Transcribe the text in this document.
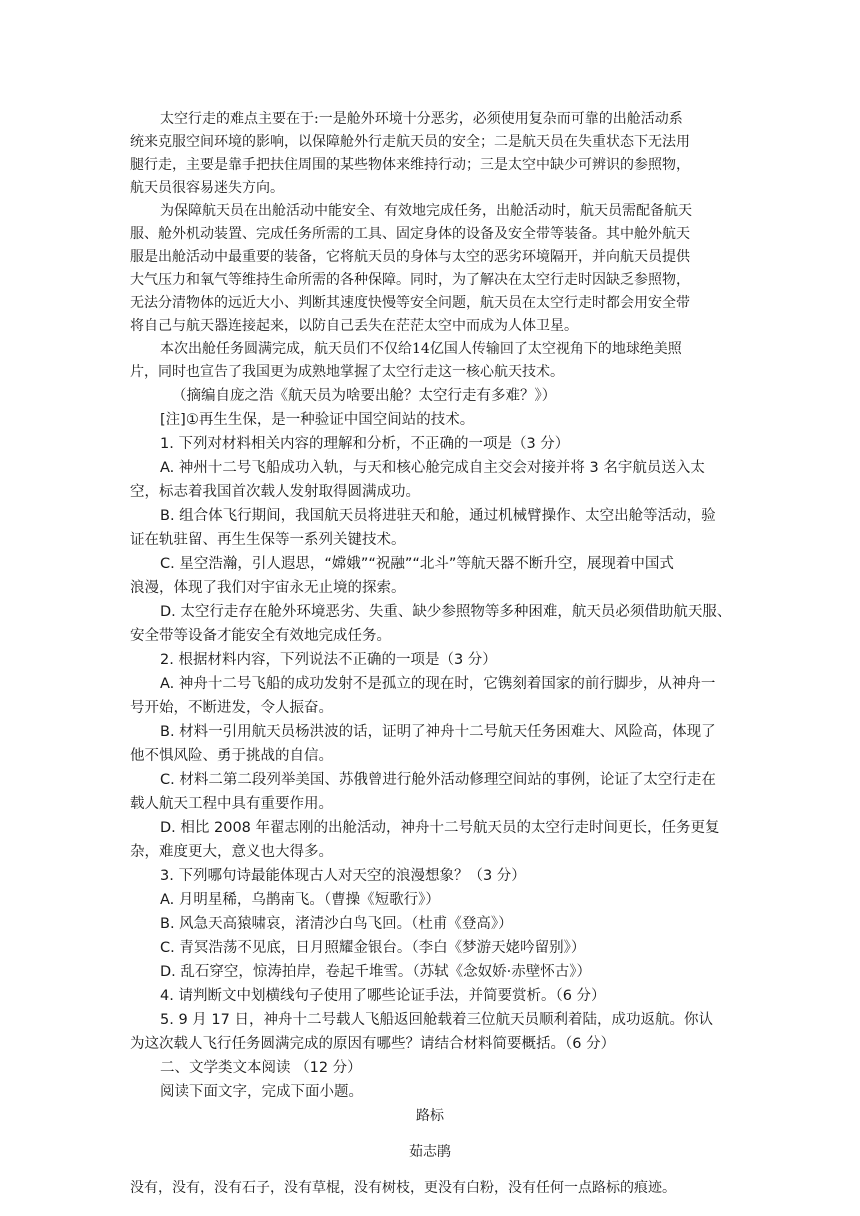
太空行走的难点主要在于:一是舱外环境十分恶劣，必须使用复杂而可靠的出舱活动系
统来克服空间环境的影响，以保障舱外行走航天员的安全；二是航天员在失重状态下无法用
腿行走，主要是靠手把扶住周围的某些物体来维持行动；三是太空中缺少可辨识的参照物，
航天员很容易迷失方向。
为保障航天员在出舱活动中能安全、有效地完成任务，出舱活动时，航天员需配备航天
服、舱外机动装置、完成任务所需的工具、固定身体的设备及安全带等装备。其中舱外航天
服是出舱活动中最重要的装备，它将航天员的身体与太空的恶劣环境隔开，并向航天员提供
大气压力和氧气等维持生命所需的各种保障。同时，为了解决在太空行走时因缺乏参照物，
无法分清物体的远近大小、判断其速度快慢等安全问题，航天员在太空行走时都会用安全带
将自己与航天器连接起来，以防自己丢失在茫茫太空中而成为人体卫星。
本次出舱任务圆满完成，航天员们不仅给14亿国人传输回了太空视角下的地球绝美照
片，同时也宣告了我国更为成熟地掌握了太空行走这一核心航天技术。
（摘编自庞之浩《航天员为啥要出舱？太空行走有多难？》）
[注]①再生生保，是一种验证中国空间站的技术。
1. 下列对材料相关内容的理解和分析，不正确的一项是（3 分）
A. 神州十二号飞船成功入轨，与天和核心舱完成自主交会对接并将 3 名宇航员送入太
空，标志着我国首次载人发射取得圆满成功。
B. 组合体飞行期间，我国航天员将进驻天和舱，通过机械臂操作、太空出舱等活动，验
证在轨驻留、再生生保等一系列关键技术。
C. 星空浩瀚，引人遐思，“嫦娥”“祝融”“北斗”等航天器不断升空，展现着中国式
浪漫，体现了我们对宇宙永无止境的探索。
D. 太空行走存在舱外环境恶劣、失重、缺少参照物等多种困难，航天员必须借助航天服、
安全带等设备才能安全有效地完成任务。
2. 根据材料内容，下列说法不正确的一项是（3 分）
A. 神舟十二号飞船的成功发射不是孤立的现在时，它镌刻着国家的前行脚步，从神舟一
号开始，不断进发，令人振奋。
B. 材料一引用航天员杨洪波的话，证明了神舟十二号航天任务困难大、风险高，体现了
他不惧风险、勇于挑战的自信。
C. 材料二第二段列举美国、苏俄曾进行舱外活动修理空间站的事例，论证了太空行走在
载人航天工程中具有重要作用。
D. 相比 2008 年翟志刚的出舱活动，神舟十二号航天员的太空行走时间更长，任务更复
杂，难度更大，意义也大得多。
3. 下列哪句诗最能体现古人对天空的浪漫想象？（3 分）
A. 月明星稀，乌鹊南飞。（曹操《短歌行》）
B. 风急天高猿啸哀，渚清沙白鸟飞回。（杜甫《登高》）
C. 青冥浩荡不见底，日月照耀金银台。（李白《梦游天姥吟留别》）
D. 乱石穿空，惊涛拍岸，卷起千堆雪。（苏轼《念奴娇·赤壁怀古》）
4. 请判断文中划横线句子使用了哪些论证手法，并简要赏析。（6 分）
5. 9 月 17 日，神舟十二号载人飞船返回舱载着三位航天员顺利着陆，成功返航。你认
为这次载人飞行任务圆满完成的原因有哪些？请结合材料简要概括。（6 分）
二、文学类文本阅读 （12 分）
阅读下面文字，完成下面小题。
路标
茹志鹃
没有，没有，没有石子，没有草棍，没有树枝，更没有白粉，没有任何一点路标的痕迹。
